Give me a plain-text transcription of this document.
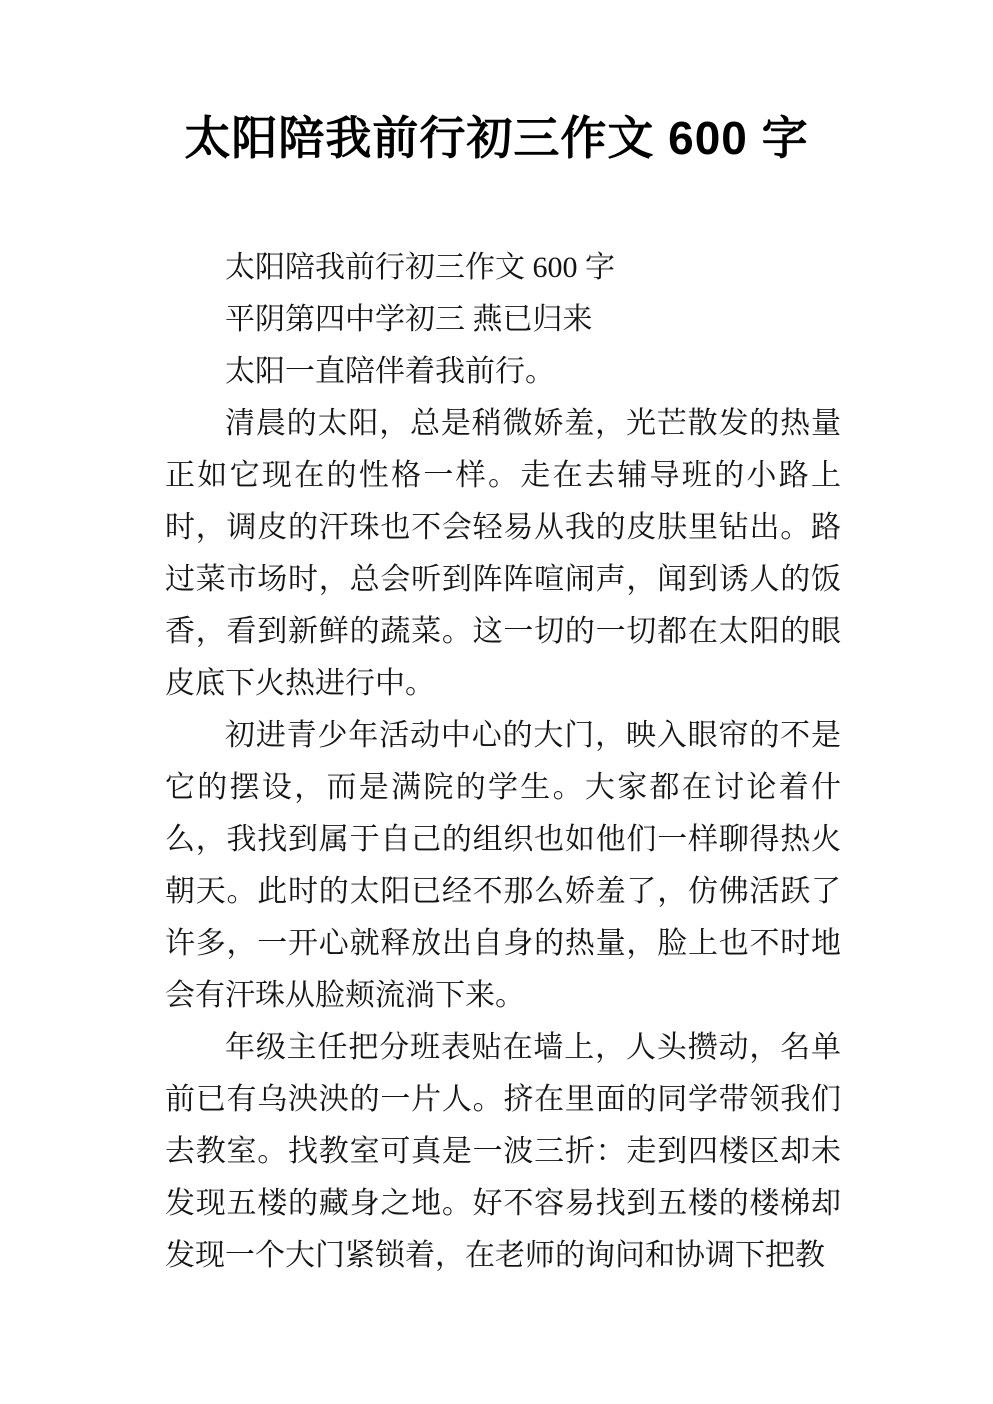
太阳陪我前行初三作文 600 字

太阳陪我前行初三作文 600 字

平阴第四中学初三 燕已归来

太阳一直陪伴着我前行。

清晨的太阳，总是稍微娇羞，光芒散发的热量正如它现在的性格一样。走在去辅导班的小路上时，调皮的汗珠也不会轻易从我的皮肤里钻出。路过菜市场时，总会听到阵阵喧闹声，闻到诱人的饭香，看到新鲜的蔬菜。这一切的一切都在太阳的眼皮底下火热进行中。

初进青少年活动中心的大门，映入眼帘的不是它的摆设，而是满院的学生。大家都在讨论着什么，我找到属于自己的组织也如他们一样聊得热火朝天。此时的太阳已经不那么娇羞了，仿佛活跃了许多，一开心就释放出自身的热量，脸上也不时地会有汗珠从脸颊流淌下来。

年级主任把分班表贴在墙上，人头攒动，名单前已有乌泱泱的一片人。挤在里面的同学带领我们去教室。找教室可真是一波三折：走到四楼区却未发现五楼的藏身之地。好不容易找到五楼的楼梯却发现一个大门紧锁着，在老师的询问和协调下把教
